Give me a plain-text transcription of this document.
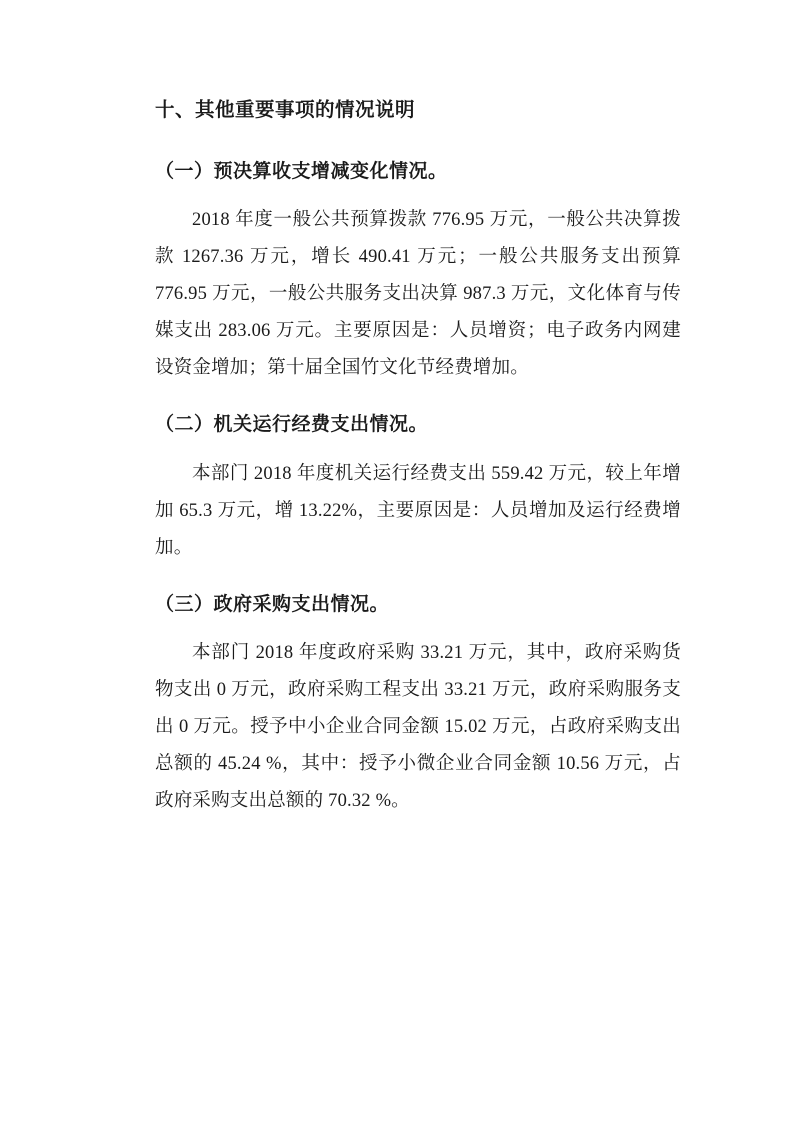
十、其他重要事项的情况说明
（一）预决算收支增减变化情况。

2018 年度一般公共预算拨款 776.95 万元，一般公共决算拨款 1267.36 万元，增长 490.41 万元；一般公共服务支出预算 776.95 万元，一般公共服务支出决算 987.3 万元，文化体育与传媒支出 283.06 万元。主要原因是：人员增资；电子政务内网建设资金增加；第十届全国竹文化节经费增加。

（二）机关运行经费支出情况。

本部门 2018 年度机关运行经费支出 559.42 万元，较上年增加 65.3 万元，增 13.22%，主要原因是：人员增加及运行经费增加。

（三）政府采购支出情况。

本部门 2018 年度政府采购 33.21 万元，其中，政府采购货物支出 0 万元，政府采购工程支出 33.21 万元，政府采购服务支出 0 万元。授予中小企业合同金额 15.02 万元，占政府采购支出总额的 45.24 %，其中：授予小微企业合同金额 10.56 万元，占政府采购支出总额的 70.32 %。
